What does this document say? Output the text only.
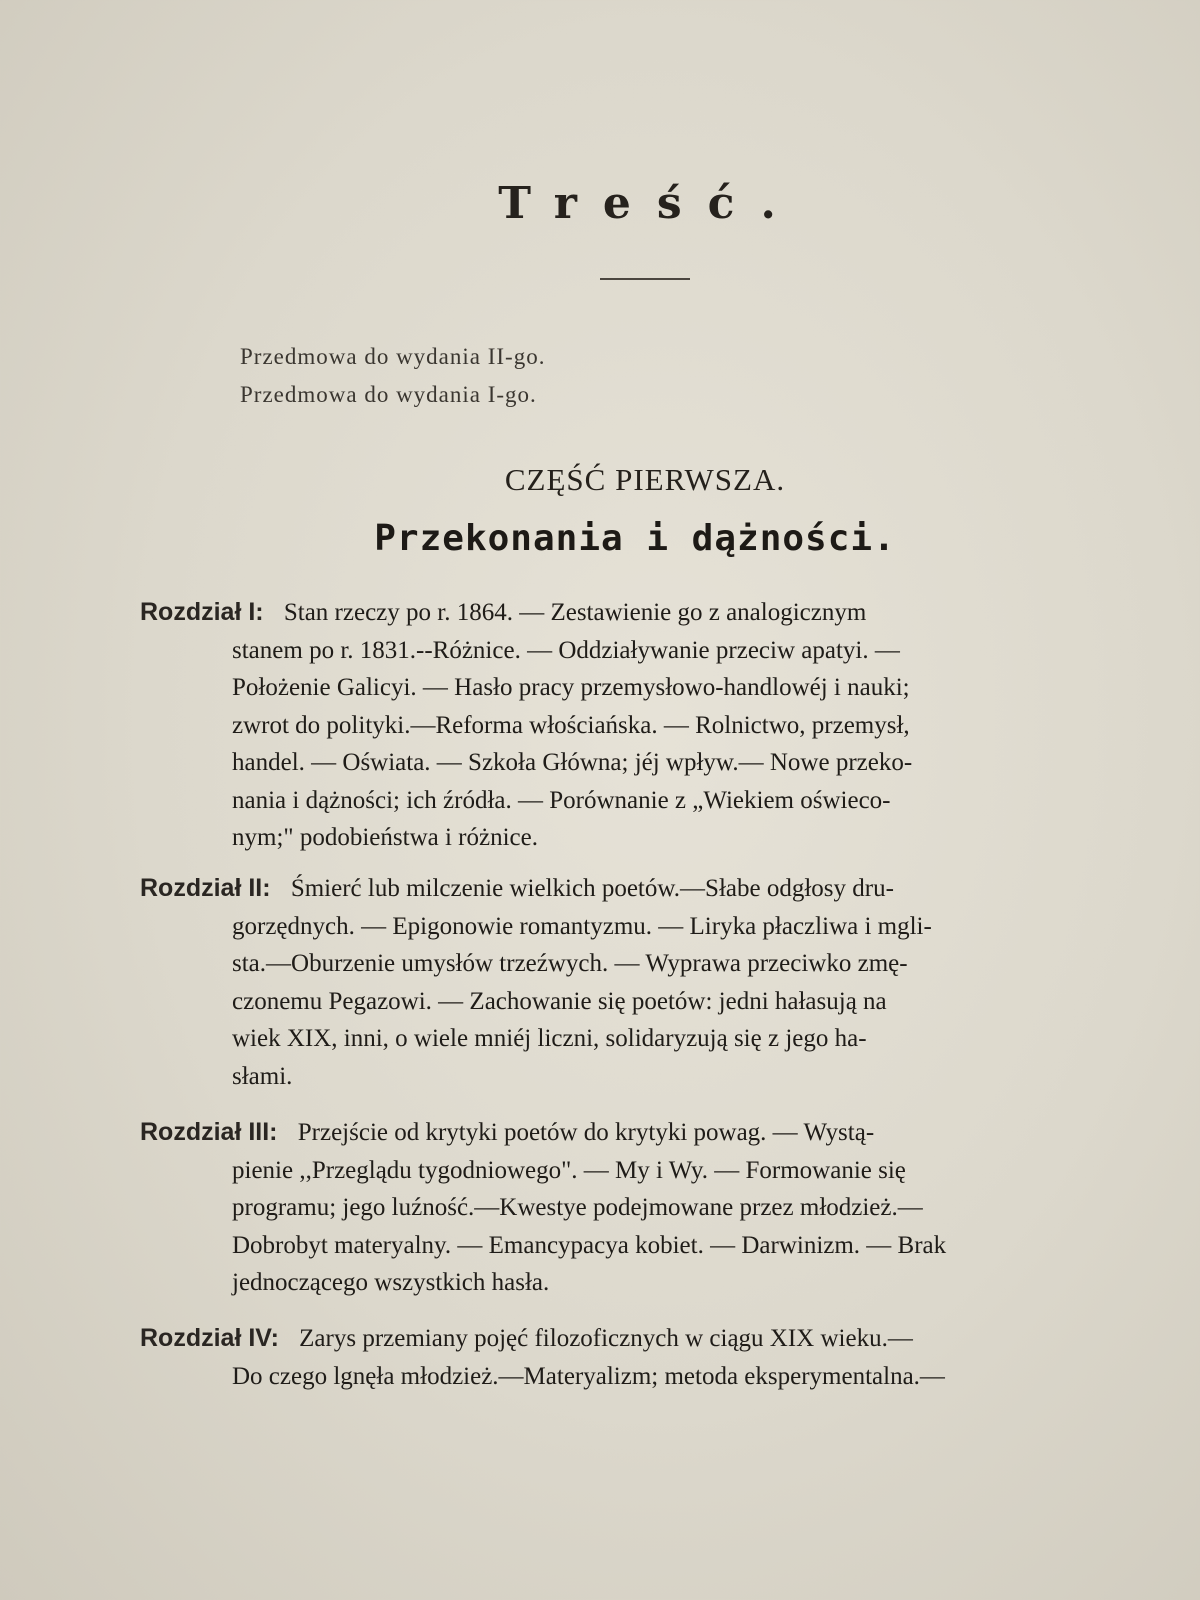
Treść.
Przedmowa do wydania II-go.
Przedmowa do wydania I-go.
CZĘŚĆ PIERWSZA.
Przekonania i dążności.
Rozdział I: Stan rzeczy po r. 1864. — Zestawienie go z analogicznym
stanem po r. 1831.--Różnice. — Oddziaływanie przeciw apatyi. —
Położenie Galicyi. — Hasło pracy przemysłowo-handlowéj i nauki;
zwrot do polityki.—Reforma włościańska. — Rolnictwo, przemysł,
handel. — Oświata. — Szkoła Główna; jéj wpływ.— Nowe przeko-
nania i dążności; ich źródła. — Porównanie z „Wiekiem oświeco-
nym;" podobieństwa i różnice.
Rozdział II: Śmierć lub milczenie wielkich poetów.—Słabe odgłosy dru-
gorzędnych. — Epigonowie romantyzmu. — Liryka płaczliwa i mgli-
sta.—Oburzenie umysłów trzeźwych. — Wyprawa przeciwko zmę-
czonemu Pegazowi. — Zachowanie się poetów: jedni hałasują na
wiek XIX, inni, o wiele mniéj liczni, solidaryzują się z jego ha-
słami.
Rozdział III: Przejście od krytyki poetów do krytyki powag. — Wystą-
pienie ,,Przeglądu tygodniowego". — My i Wy. — Formowanie się
programu; jego luźność.—Kwestye podejmowane przez młodzież.—
Dobrobyt materyalny. — Emancypacya kobiet. — Darwinizm. — Brak
jednoczącego wszystkich hasła.
Rozdział IV: Zarys przemiany pojęć filozoficznych w ciągu XIX wieku.—
Do czego lgnęła młodzież.—Materyalizm; metoda eksperymentalna.—
